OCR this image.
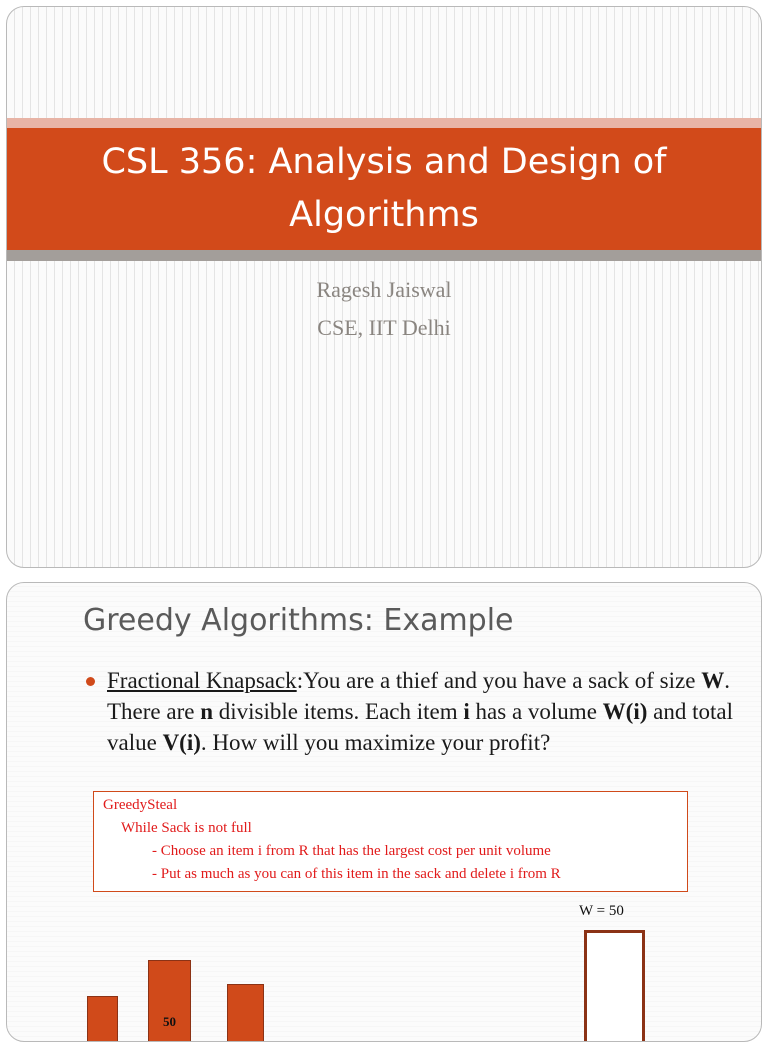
CSL 356: Analysis and Design of Algorithms
Ragesh Jaiswal
CSE, IIT Delhi
Greedy Algorithms: Example
Fractional Knapsack:You are a thief and you have a sack of size W. There are n divisible items. Each item i has a volume W(i) and total value V(i). How will you maximize your profit?
GreedySteal
While Sack is not full
- Choose an item i from R that has the largest cost per unit volume
- Put as much as you can of this item in the sack and delete i from R
W = 50
50
